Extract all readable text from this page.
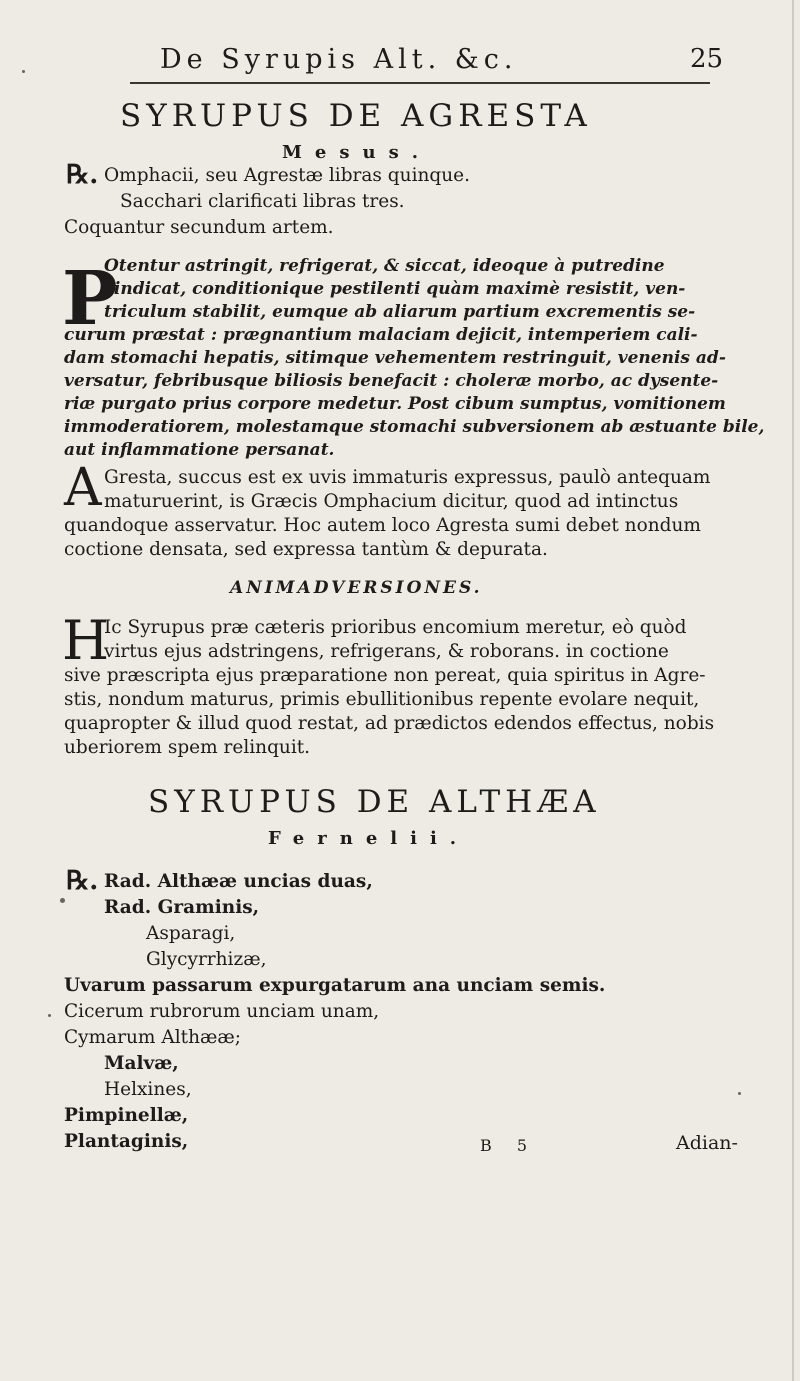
De Syrupis Alt. &c.	25
SYRUPUS DE AGRESTA
Mesus.
℞. Omphacii, seu Agrestæ libras quinque.
Sacchari clarificati libras tres.
Coquantur secundum artem.
P
Otentur astringit, refrigerat, & siccat, ideoque à putredine
vindicat, conditionique pestilenti quàm maximè resistit, ven-
triculum stabilit, eumque ab aliarum partium excrementis se-
curum præstat : prægnantium malaciam dejicit, intemperiem cali-
dam stomachi hepatis, sitimque vehementem restringuit, venenis ad-
versatur, febribusque biliosis benefacit : choleræ morbo, ac dysente-
riæ purgato prius corpore medetur. Post cibum sumptus, vomitionem
immoderatiorem, molestamque stomachi subversionem ab æstuante bile,
aut inflammatione persanat.
A Gresta, succus est ex uvis immaturis expressus, paulò antequam
maturuerint, is Græcis Omphacium dicitur, quod ad intinctus
quandoque asservatur. Hoc autem loco Agresta sumi debet nondum
coctione densata, sed expressa tantùm & depurata.
ANIMADVERSIONES.
H
Ic Syrupus præ cæteris prioribus encomium meretur, eò quòd
virtus ejus adstringens, refrigerans, & roborans. in coctione
sive præscripta ejus præparatione non pereat, quia spiritus in Agre-
stis, nondum maturus, primis ebullitionibus repente evolare nequit,
quapropter & illud quod restat, ad prædictos edendos effectus, nobis
uberiorem spem relinquit.
SYRUPUS DE ALTHÆA
Fernelii.
℞. Rad. Althææ uncias duas,
Rad. Graminis,
Asparagi,
Glycyrrhizæ,
Uvarum passarum expurgatarum ana unciam semis.
Cicerum rubrorum unciam unam,
Cymarum Althææ;
Malvæ,
Helxines,
Pimpinellæ,
Plantaginis,	B 5	Adian-
